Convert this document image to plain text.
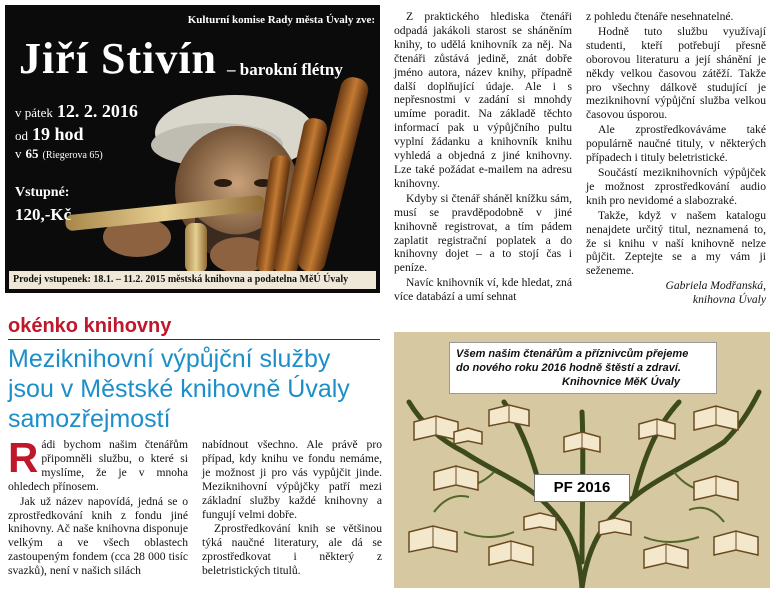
Kulturní komise Rady města Úvaly zve:
Jiří Stivín – barokní flétny
v pátek 12. 2. 2016
od 19 hod
v 65 (Riegerova 65)
Vstupné:
120,-Kč
Prodej vstupenek: 18.1. – 11.2. 2015 městská knihovna a podatelna MěÚ Úvaly

Z praktického hlediska čtenáři odpadá jakákoli starost se sháněním knihy, to udělá knihovník za něj. Na čtenáři zůstává jedině, znát dobře jméno autora, název knihy, případně další doplňující údaje. Ale i s nepřesnostmi v zadání si mnohdy umíme poradit. Na základě těchto informací pak u výpůjčního pultu vyplní žádanku a knihovník knihu vyhledá a objedná z jiné knihovny. Lze také požádat e-mailem na adresu knihovny.

Kdyby si čtenář sháněl knížku sám, musí se pravděpodobně v jiné knihovně registrovat, a tím pádem zaplatit registrační poplatek a do knihovny dojet – a to stojí čas i peníze.

Navíc knihovník ví, kde hledat, zná více databází a umí sehnat

z pohledu čtenáře nesehnatelné.

Hodně tuto službu využívají studenti, kteří potřebují přesně oborovou literaturu a její shánění je někdy velkou časovou zátěží. Takže pro všechny dálkově studující je meziknihovní výpůjční služba velkou časovou úsporou.

Ale zprostředkováváme také populárně naučné tituly, v některých případech i tituly beletristické.

Součástí meziknihovních výpůjček je možnost zprostředkování audio knih pro nevidomé a slabozraké.

Takže, když v našem katalogu nenajdete určitý titul, neznamená to, že si knihu v naší knihovně nelze půjčit. Zeptejte se a my vám ji seženeme.

Gabriela Modřanská,

knihovna Úvaly

okénko knihovny
Meziknihovní výpůjční služby jsou v Městské knihovně Úvaly samozřejmostí

Rádi bychom našim čtenářům připomněli službu, o které si myslíme, že je v mnoha ohledech přínosem.

Jak už název napovídá, jedná se o zprostředkování knih z fondu jiné knihovny. Ač naše knihovna disponuje velkým a ve všech oblastech zastoupeným fondem (cca 28 000 tisíc svazků), není v našich silách

nabídnout všechno. Ale právě pro případ, kdy knihu ve fondu nemáme, je možnost ji pro vás vypůjčit jinde. Meziknihovní výpůjčky patří mezi základní služby každé knihovny a fungují velmi dobře.

Zprostředkování knih se většinou týká naučné literatury, ale dá se zprostředkovat i některý z beletristických titulů.

Všem našim čtenářům a příznivcům přejeme
do nového roku 2016 hodně štěstí a zdraví.
Knihovnice MěK Úvaly
PF 2016
